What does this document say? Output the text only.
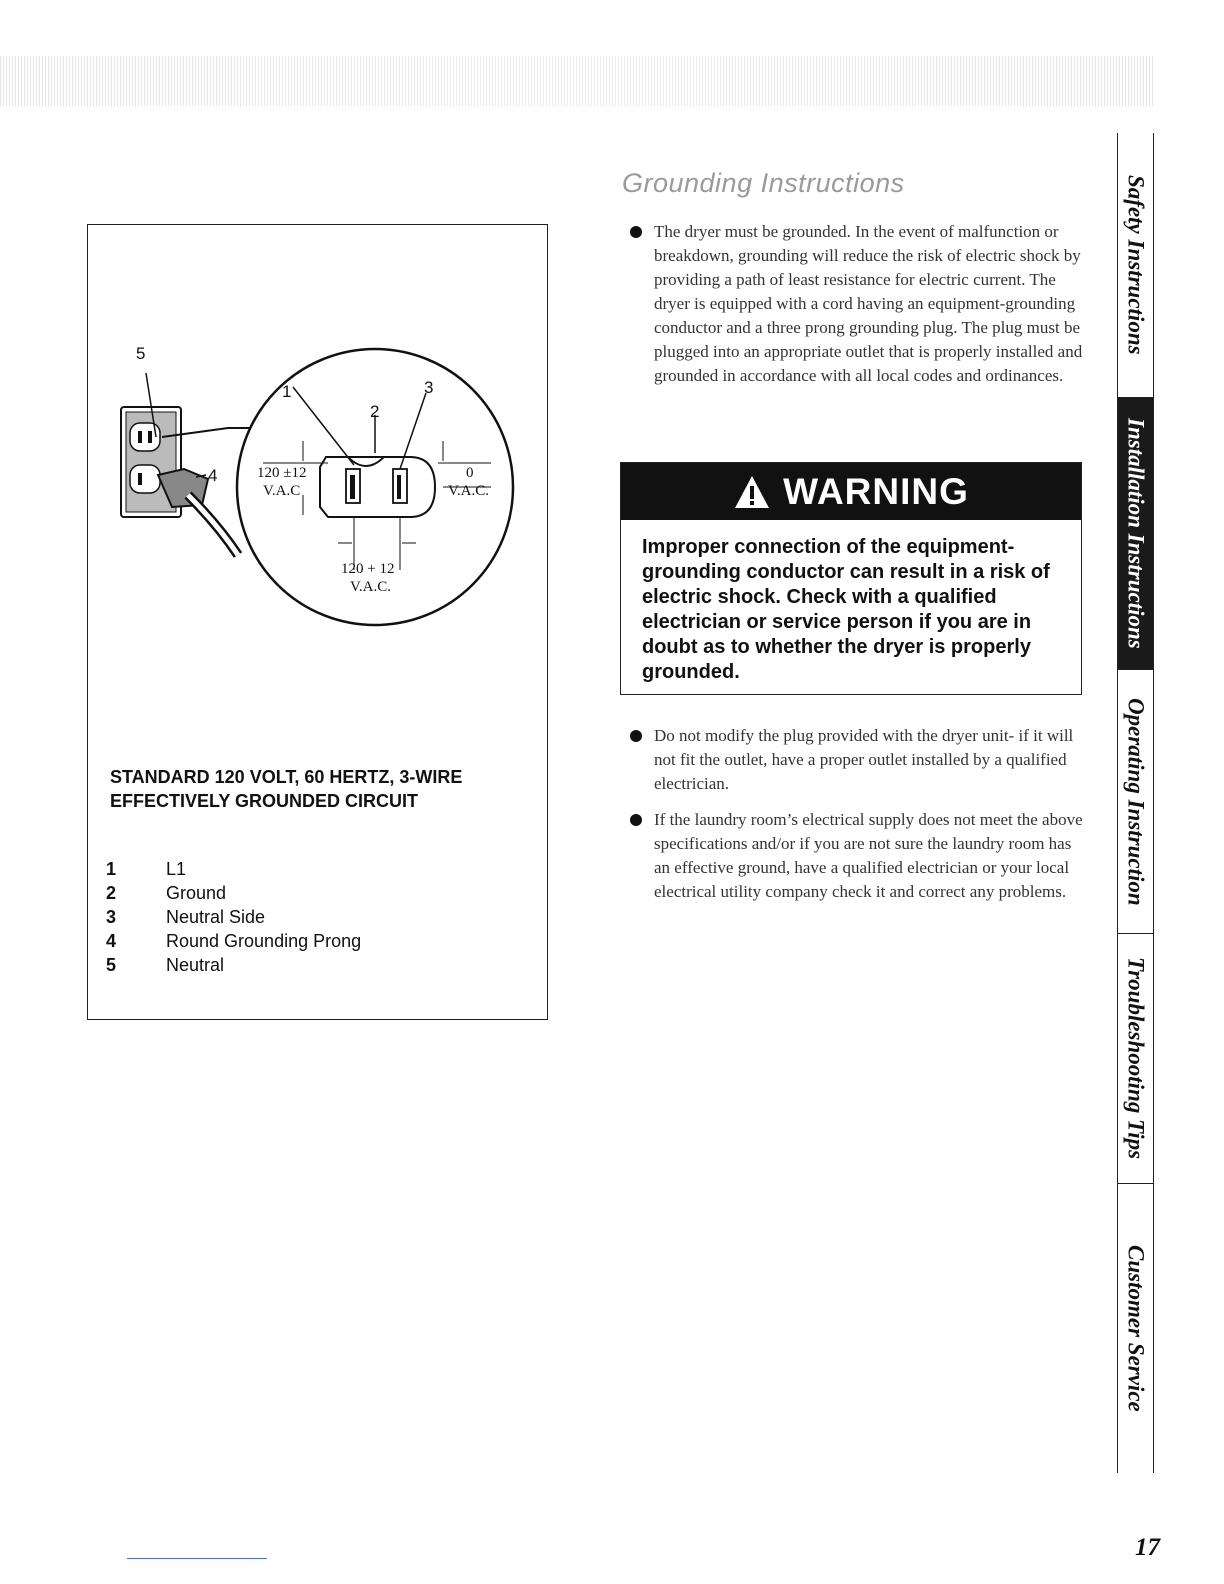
5
1
2
3
4	120 ±12
V.A.C
0
V.A.C.
120 + 12
V.A.C.

STANDARD 120 VOLT, 60 HERTZ, 3-WIRE EFFECTIVELY GROUNDED CIRCUIT

1	L1
2	Ground
3	Neutral Side
4	Round Grounding Prong
5	Neutral
Grounding Instructions

The dryer must be grounded. In the event of malfunction or breakdown, grounding will reduce the risk of electric shock by providing a path of least resistance for electric current. The dryer is equipped with a cord having an equipment-grounding conductor and a three prong grounding plug. The plug must be plugged into an appropriate outlet that is properly installed and grounded in accordance with all local codes and ordinances.

WARNING

Improper connection of the equipment-grounding conductor can result in a risk of electric shock. Check with a qualified electrician or service person if you are in doubt as to whether the dryer is properly grounded.

Do not modify the plug provided with the dryer unit- if it will not fit the outlet, have a proper outlet installed by a qualified electrician.

If the laundry room’s electrical supply does not meet the above specifications and/or if you are not sure the laundry room has an effective ground, have a qualified electrician or your local electrical utility company check it and correct any problems.

Safety Instructions
Installation Instructions
Operating Instruction
Troubleshooting Tips
Customer Service
17
